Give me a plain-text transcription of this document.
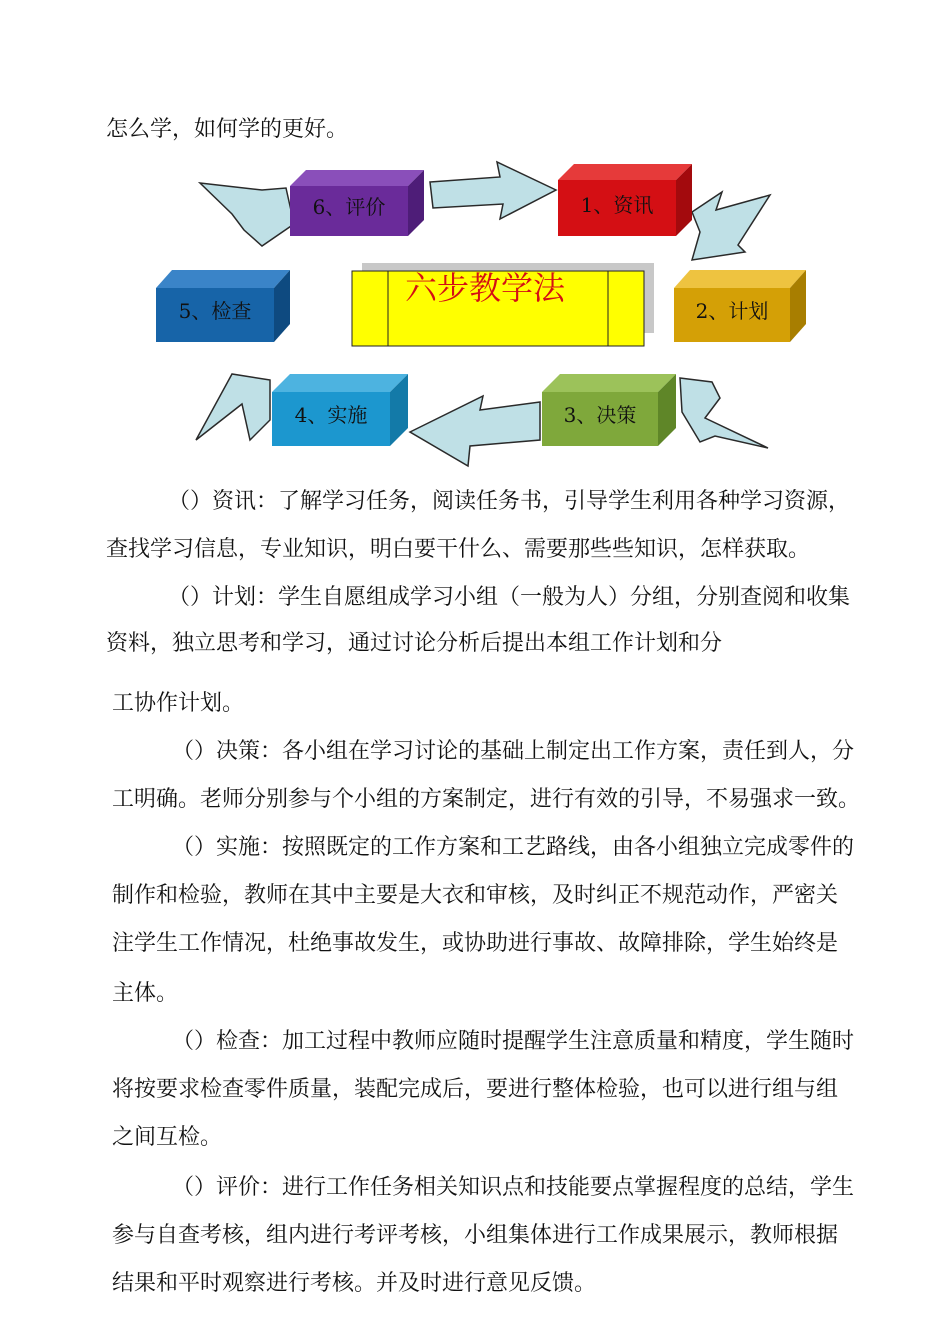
怎么学，如何学的更好。
六步教学法
6、评价	1、资讯
5、检查	2、计划
4、实施	3、决策
（）资讯：了解学习任务，阅读任务书，引导学生利用各种学习资源，
查找学习信息，专业知识，明白要干什么、需要那些些知识，怎样获取。
（）计划：学生自愿组成学习小组（一般为人）分组，分别查阅和收集
资料，独立思考和学习，通过讨论分析后提出本组工作计划和分
工协作计划。
（）决策：各小组在学习讨论的基础上制定出工作方案，责任到人，分
工明确。老师分别参与个小组的方案制定，进行有效的引导，不易强求一致。
（）实施：按照既定的工作方案和工艺路线，由各小组独立完成零件的
制作和检验，教师在其中主要是大衣和审核，及时纠正不规范动作，严密关
注学生工作情况，杜绝事故发生，或协助进行事故、故障排除，学生始终是
主体。
（）检查：加工过程中教师应随时提醒学生注意质量和精度，学生随时
将按要求检查零件质量，装配完成后，要进行整体检验，也可以进行组与组
之间互检。
（）评价：进行工作任务相关知识点和技能要点掌握程度的总结，学生
参与自查考核，组内进行考评考核，小组集体进行工作成果展示，教师根据
结果和平时观察进行考核。并及时进行意见反馈。
